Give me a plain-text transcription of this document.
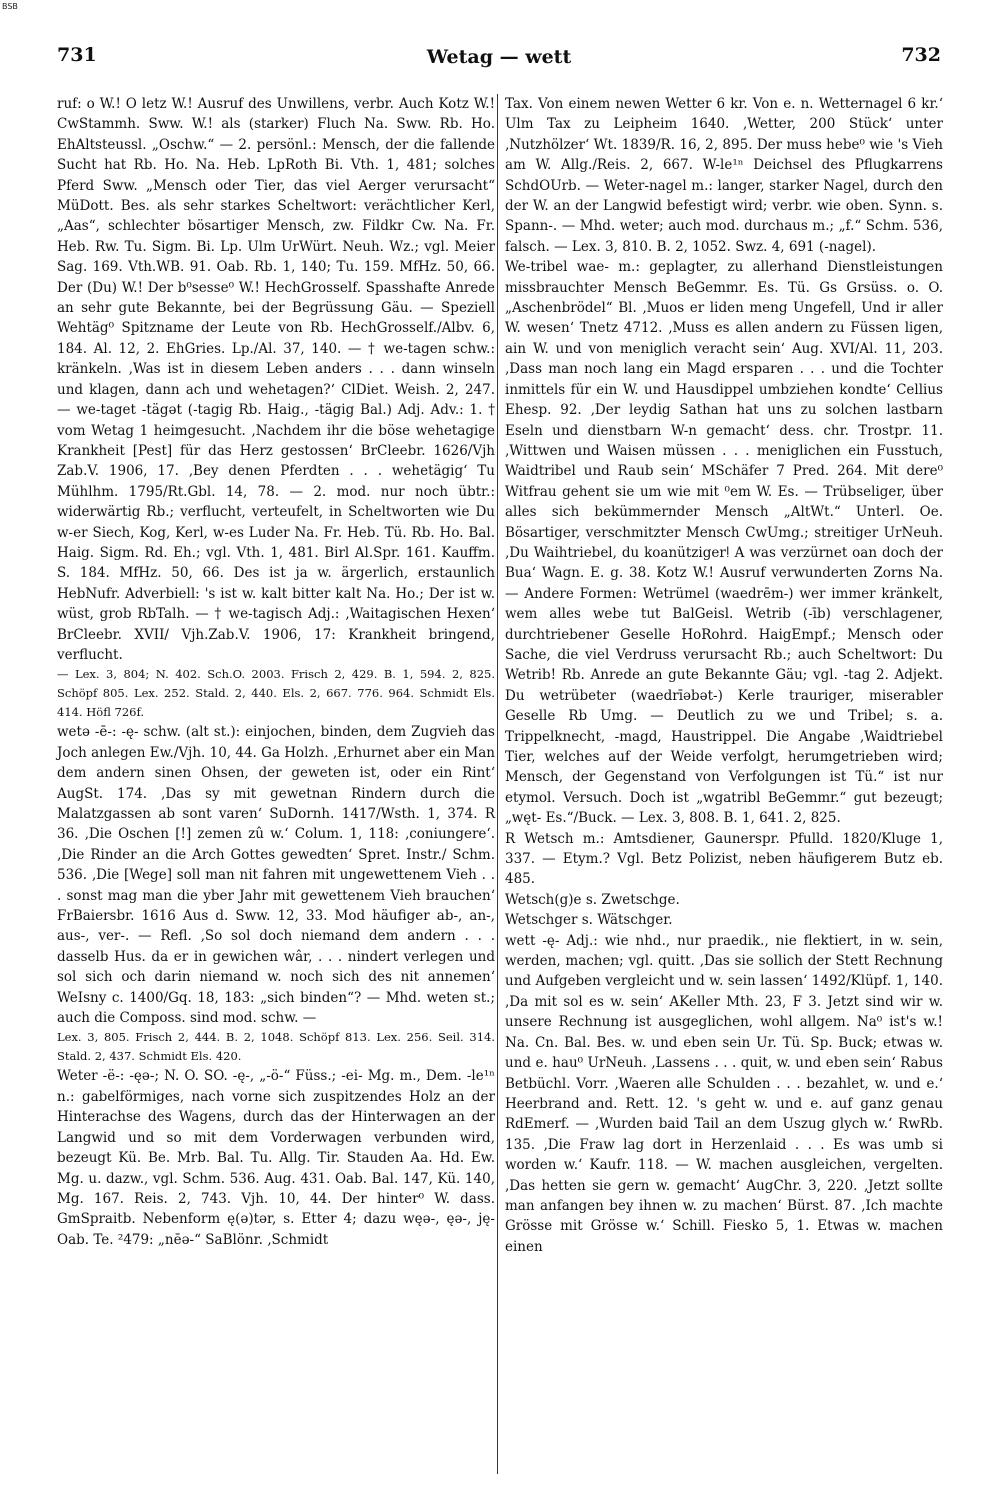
BSB
731	Wetag — wett	732

ruf: o W.! O letz W.! Ausruf des Unwillens, verbr. Auch Kotz W.! CwStammh. Sww. W.! als (starker) Fluch Na. Sww. Rb. Ho. EhAltsteussl. „Oschw.“ — 2. persönl.: Mensch, der die fallende Sucht hat Rb. Ho. Na. Heb. LpRoth Bi. Vth. 1, 481; solches Pferd Sww. „Mensch oder Tier, das viel Aerger verursacht“ MüDott. Bes. als sehr starkes Scheltwort: verächtlicher Kerl, „Aas“, schlechter bösartiger Mensch, zw. Fildkr Cw. Na. Fr. Heb. Rw. Tu. Sigm. Bi. Lp. Ulm UrWürt. Neuh. Wz.; vgl. Meier Sag. 169. Vth.WB. 91. Oab. Rb. 1, 140; Tu. 159. MfHz. 50, 66. Der (Du) W.! Der b⁰sesse⁰ W.! HechGrosself. Spasshafte Anrede an sehr gute Bekannte, bei der Begrüssung Gäu. — Speziell Wehtäg⁰ Spitzname der Leute von Rb. HechGrosself./Albv. 6, 184. Al. 12, 2. EhGries. Lp./Al. 37, 140. — † we-tagen schw.: kränkeln. ‚Was ist in diesem Leben anders . . . dann winseln und klagen, dann ach und wehetagen?‘ ClDiet. Weish. 2, 247. — we-taget -tägət (-tagig Rb. Haig., -tägig Bal.) Adj. Adv.: 1. † vom Wetag 1 heimgesucht. ‚Nachdem ihr die böse wehetagige Krankheit [Pest] für das Herz gestossen‘ BrCleebr. 1626/Vjh Zab.V. 1906, 17. ‚Bey denen Pferdten . . . wehetägig‘ Tu Mühlhm. 1795/Rt.Gbl. 14, 78. — 2. mod. nur noch übtr.: widerwärtig Rb.; verflucht, verteufelt, in Scheltworten wie Du w-er Siech, Kog, Kerl, w-es Luder Na. Fr. Heb. Tü. Rb. Ho. Bal. Haig. Sigm. Rd. Eh.; vgl. Vth. 1, 481. Birl Al.Spr. 161. Kauffm. S. 184. MfHz. 50, 66. Des ist ja w. ärgerlich, erstaunlich HebNufr. Adverbiell: 's ist w. kalt bitter kalt Na. Ho.; Der ist w. wüst, grob RbTalh. — † we-tagisch Adj.: ‚Waitagischen Hexen‘ BrCleebr. XVII/ Vjh.Zab.V. 1906, 17: Krankheit bringend, verflucht.

— Lex. 3, 804; N. 402. Sch.O. 2003. Frisch 2, 429. B. 1, 594. 2, 825. Schöpf 805. Lex. 252. Stald. 2, 440. Els. 2, 667. 776. 964. Schmidt Els. 414. Höfl 726f.

wetə -ē-: -ę- schw. (alt st.): einjochen, binden, dem Zugvieh das Joch anlegen Ew./Vjh. 10, 44. Ga Holzh. ‚Erhurnet aber ein Man dem andern sinen Ohsen, der geweten ist, oder ein Rint‘ AugSt. 174. ‚Das sy mit gewetnan Rindern durch die Malatzgassen ab sont varen‘ SuDornh. 1417/Wsth. 1, 374. R 36. ‚Die Oschen [!] zemen zû w.‘ Colum. 1, 118: ‚coniungere‘. ‚Die Rinder an die Arch Gottes gewedten‘ Spret. Instr./ Schm. 536. ‚Die [Wege] soll man nit fahren mit ungewettenem Vieh . . . sonst mag man die yber Jahr mit gewettenem Vieh brauchen‘ FrBaiersbr. 1616 Aus d. Sww. 12, 33. Mod häufiger ab-, an-, aus-, ver-. — Refl. ‚So sol doch niemand dem andern . . . dasselb Hus. da er in gewichen wâr, . . . nindert verlegen und sol sich och darin niemand w. noch sich des nit annemen‘ WeIsny c. 1400/Gq. 18, 183: „sich binden“? — Mhd. weten st.; auch die Composs. sind mod. schw. —

Lex. 3, 805. Frisch 2, 444. B. 2, 1048. Schöpf 813. Lex. 256. Seil. 314. Stald. 2, 437. Schmidt Els. 420.

Weter -ë-: -ęə-; N. O. SO. -ę-, „-ö-“ Füss.; -ei- Mg. m., Dem. -le¹ⁿ n.: gabelförmiges, nach vorne sich zuspitzendes Holz an der Hinterachse des Wagens, durch das der Hinterwagen an der Langwid und so mit dem Vorderwagen verbunden wird, bezeugt Kü. Be. Mrb. Bal. Tu. Allg. Tir. Stauden Aa. Hd. Ew. Mg. u. dazw., vgl. Schm. 536. Aug. 431. Oab. Bal. 147, Kü. 140, Mg. 167. Reis. 2, 743. Vjh. 10, 44. Der hinter⁰ W. dass. GmSpraitb. Nebenform ę(ə)tər, s. Etter 4; dazu węə-, ęə-, ję- Oab. Te. ²479: „nēə-“ SaBlönr. ‚Schmidt

Tax. Von einem newen Wetter 6 kr. Von e. n. Wetternagel 6 kr.‘ Ulm Tax zu Leipheim 1640. ‚Wetter, 200 Stück‘ unter ‚Nutzhölzer‘ Wt. 1839/R. 16, 2, 895. Der muss hebe⁰ wie 's Vieh am W. Allg./Reis. 2, 667. W-le¹ⁿ Deichsel des Pflugkarrens SchdOUrb. — Weter-nagel m.: langer, starker Nagel, durch den der W. an der Langwid befestigt wird; verbr. wie oben. Synn. s. Spann-. — Mhd. weter; auch mod. durchaus m.; „f.“ Schm. 536, falsch. — Lex. 3, 810. B. 2, 1052. Swz. 4, 691 (-nagel).

We-tribel wae- m.: geplagter, zu allerhand Dienstleistungen missbrauchter Mensch BeGemmr. Es. Tü. Gs Grsüss. o. O. „Aschenbrödel“ Bl. ‚Muos er liden meng Ungefell, Und ir aller W. wesen‘ Tnetz 4712. ‚Muss es allen andern zu Füssen ligen, ain W. und von meniglich veracht sein‘ Aug. XVI/Al. 11, 203. ‚Dass man noch lang ein Magd ersparen . . . und die Tochter inmittels für ein W. und Hausdippel umbziehen kondte‘ Cellius Ehesp. 92. ‚Der leydig Sathan hat uns zu solchen lastbarn Eseln und dienstbarn W-n gemacht‘ dess. chr. Trostpr. 11. ‚Wittwen und Waisen müssen . . . meniglichen ein Fusstuch, Waidtribel und Raub sein‘ MSchäfer 7 Pred. 264. Mit dere⁰ Witfrau gehent sie um wie mit ⁰em W. Es. — Trübseliger, über alles sich bekümmernder Mensch „AltWt.“ Unterl. Oe. Bösartiger, verschmitzter Mensch CwUmg.; streitiger UrNeuh. ‚Du Waihtriebel, du koanützigerǃ A was verzürnet oan doch der Bua‘ Wagn. E. g. 38. Kotz W.! Ausruf verwunderten Zorns Na. — Andere Formen: Wetrümel (waedrēm-) wer immer kränkelt, wem alles webe tut BalGeisl. Wetrib (-īb) verschlagener, durchtriebener Geselle HoRohrd. HaigEmpf.; Mensch oder Sache, die viel Verdruss verursacht Rb.; auch Scheltwort: Du Wetrib! Rb. Anrede an gute Bekannte Gäu; vgl. -tag 2. Adjekt. Du wetrübeter (waedrīəbət-) Kerle trauriger, miserabler Geselle Rb Umg. — Deutlich zu we und Tribel; s. a. Trippelknecht, -magd, Haustrippel. Die Angabe ‚Waidtriebel Tier, welches auf der Weide verfolgt, herumgetrieben wird; Mensch, der Gegenstand von Verfolgungen ist Tü.“ ist nur etymol. Versuch. Doch ist „wgatribl BeGemmr.“ gut bezeugt; „węt- Es.“/Buck. — Lex. 3, 808. B. 1, 641. 2, 825.

R Wetsch m.: Amtsdiener, Gaunerspr. Pfulld. 1820/Kluge 1, 337. — Etym.? Vgl. Betz Polizist, neben häufigerem Butz eb. 485.

Wetsch(g)e s. Zwetschge.

Wetschger s. Wätschger.

wett -ę- Adj.: wie nhd., nur praedik., nie flektiert, in w. sein, werden, machen; vgl. quitt. ‚Das sie sollich der Stett Rechnung und Aufgeben vergleicht und w. sein lassen‘ 1492/Klüpf. 1, 140. ‚Da mit sol es w. sein‘ AKeller Mth. 23, F 3. Jetzt sind wir w. unsere Rechnung ist ausgeglichen, wohl allgem. Na⁰ ist's w.! Na. Cn. Bal. Bes. w. und eben sein Ur. Tü. Sp. Buck; etwas w. und e. hau⁰ UrNeuh. ‚Lassens . . . quit, w. und eben sein‘ Rabus Betbüchl. Vorr. ‚Waeren alle Schulden . . . bezahlet, w. und e.‘ Heerbrand and. Rett. 12. 's geht w. und e. auf ganz genau RdEmerf. — ‚Wurden baid Tail an dem Uszug glych w.‘ RwRb. 135. ‚Die Fraw lag dort in Herzenlaid . . . Es was umb si worden w.‘ Kaufr. 118. — W. machen ausgleichen, vergelten. ‚Das hetten sie gern w. gemacht‘ AugChr. 3, 220. ‚Jetzt sollte man anfangen bey ihnen w. zu machen‘ Bürst. 87. ‚Ich machte Grösse mit Grösse w.‘ Schill. Fiesko 5, 1. Etwas w. machen einen
